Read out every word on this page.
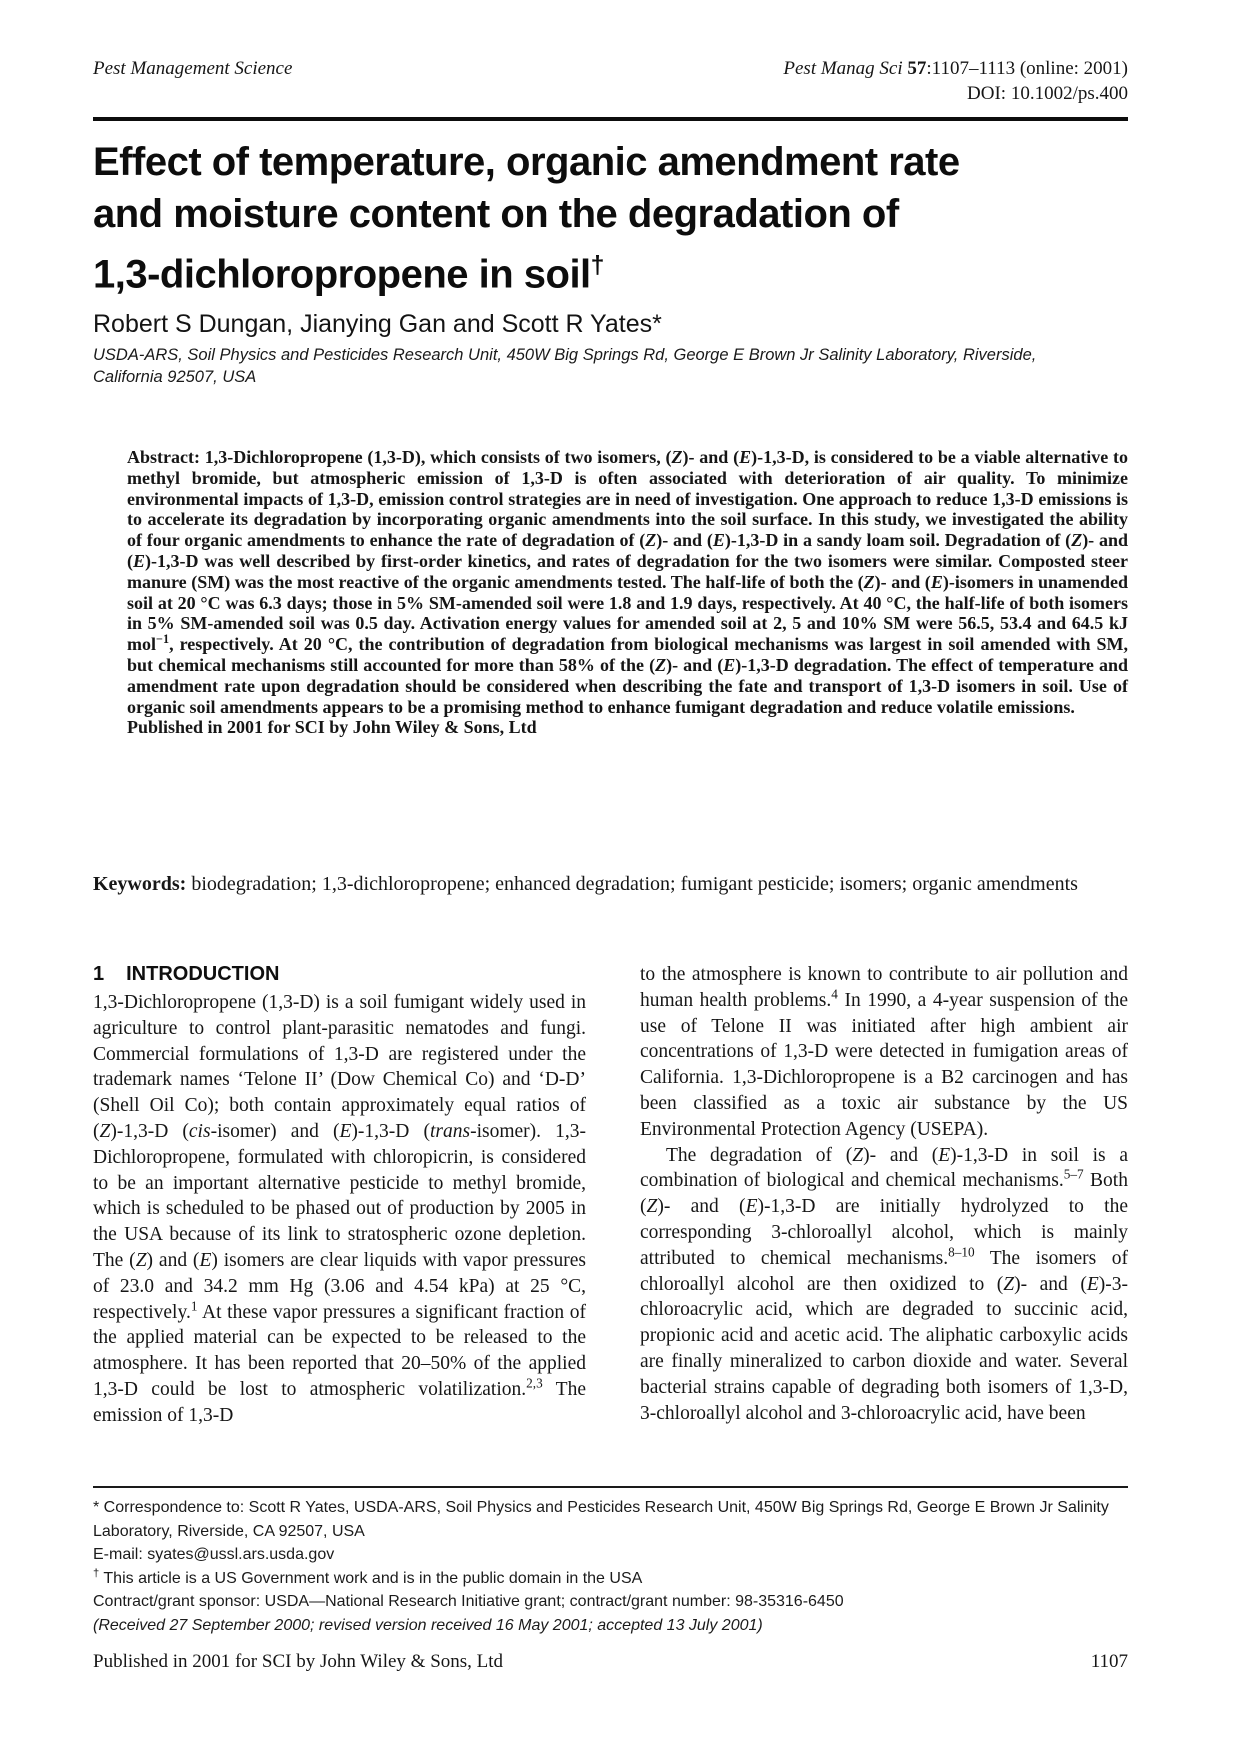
Pest Management Science	Pest Manag Sci 57:1107–1113 (online: 2001)
DOI: 10.1002/ps.400
Effect of temperature, organic amendment rate
and moisture content on the degradation of
1,3-dichloropropene in soil†
Robert S Dungan, Jianying Gan and Scott R Yates*
USDA-ARS, Soil Physics and Pesticides Research Unit, 450W Big Springs Rd, George E Brown Jr Salinity Laboratory, Riverside, California 92507, USA

Abstract: 1,3-Dichloropropene (1,3-D), which consists of two isomers, (Z)- and (E)-1,3-D, is considered to be a viable alternative to methyl bromide, but atmospheric emission of 1,3-D is often associated with deterioration of air quality. To minimize environmental impacts of 1,3-D, emission control strategies are in need of investigation. One approach to reduce 1,3-D emissions is to accelerate its degradation by incorporating organic amendments into the soil surface. In this study, we investigated the ability of four organic amendments to enhance the rate of degradation of (Z)- and (E)-1,3-D in a sandy loam soil. Degradation of (Z)- and (E)-1,3-D was well described by first-order kinetics, and rates of degradation for the two isomers were similar. Composted steer manure (SM) was the most reactive of the organic amendments tested. The half-life of both the (Z)- and (E)-isomers in unamended soil at 20 °C was 6.3 days; those in 5% SM-amended soil were 1.8 and 1.9 days, respectively. At 40 °C, the half-life of both isomers in 5% SM-amended soil was 0.5 day. Activation energy values for amended soil at 2, 5 and 10% SM were 56.5, 53.4 and 64.5 kJ mol$^{-1}$, respectively. At 20 °C, the contribution of degradation from biological mechanisms was largest in soil amended with SM, but chemical mechanisms still accounted for more than 58% of the (Z)- and (E)-1,3-D degradation. The effect of temperature and amendment rate upon degradation should be considered when describing the fate and transport of 1,3-D isomers in soil. Use of organic soil amendments appears to be a promising method to enhance fumigant degradation and reduce volatile emissions.

Published in 2001 for SCI by John Wiley & Sons, Ltd

Keywords: biodegradation; 1,3-dichloropropene; enhanced degradation; fumigant pesticide; isomers; organic amendments
1 INTRODUCTION

1,3-Dichloropropene (1,3-D) is a soil fumigant widely used in agriculture to control plant-parasitic nematodes and fungi. Commercial formulations of 1,3-D are registered under the trademark names ‘Telone II’ (Dow Chemical Co) and ‘D-D’ (Shell Oil Co); both contain approximately equal ratios of (Z)-1,3-D (cis-isomer) and (E)-1,3-D (trans-isomer). 1,3-Dichloropropene, formulated with chloropicrin, is considered to be an important alternative pesticide to methyl bromide, which is scheduled to be phased out of production by 2005 in the USA because of its link to stratospheric ozone depletion. The (Z) and (E) isomers are clear liquids with vapor pressures of 23.0 and 34.2 mm Hg (3.06 and 4.54 kPa) at 25 °C, respectively.$^1$ At these vapor pressures a significant fraction of the applied material can be expected to be released to the atmosphere. It has been reported that 20–50% of the applied 1,3-D could be lost to atmospheric volatilization.$^{2,3}$ The emission of 1,3-D

to the atmosphere is known to contribute to air pollution and human health problems.$^4$ In 1990, a 4-year suspension of the use of Telone II was initiated after high ambient air concentrations of 1,3-D were detected in fumigation areas of California. 1,3-Dichloropropene is a B2 carcinogen and has been classified as a toxic air substance by the US Environmental Protection Agency (USEPA).

The degradation of (Z)- and (E)-1,3-D in soil is a combination of biological and chemical mechanisms.$^{5-7}$ Both (Z)- and (E)-1,3-D are initially hydrolyzed to the corresponding 3-chloroallyl alcohol, which is mainly attributed to chemical mechanisms.$^{8-10}$ The isomers of chloroallyl alcohol are then oxidized to (Z)- and (E)-3-chloroacrylic acid, which are degraded to succinic acid, propionic acid and acetic acid. The aliphatic carboxylic acids are finally mineralized to carbon dioxide and water. Several bacterial strains capable of degrading both isomers of 1,3-D, 3-chloroallyl alcohol and 3-chloroacrylic acid, have been

* Correspondence to: Scott R Yates, USDA-ARS, Soil Physics and Pesticides Research Unit, 450W Big Springs Rd, George E Brown Jr Salinity Laboratory, Riverside, CA 92507, USA

E-mail: syates@ussl.ars.usda.gov

† This article is a US Government work and is in the public domain in the USA

Contract/grant sponsor: USDA—National Research Initiative grant; contract/grant number: 98-35316-6450

(Received 27 September 2000; revised version received 16 May 2001; accepted 13 July 2001)

Published in 2001 for SCI by John Wiley & Sons, Ltd	1107
